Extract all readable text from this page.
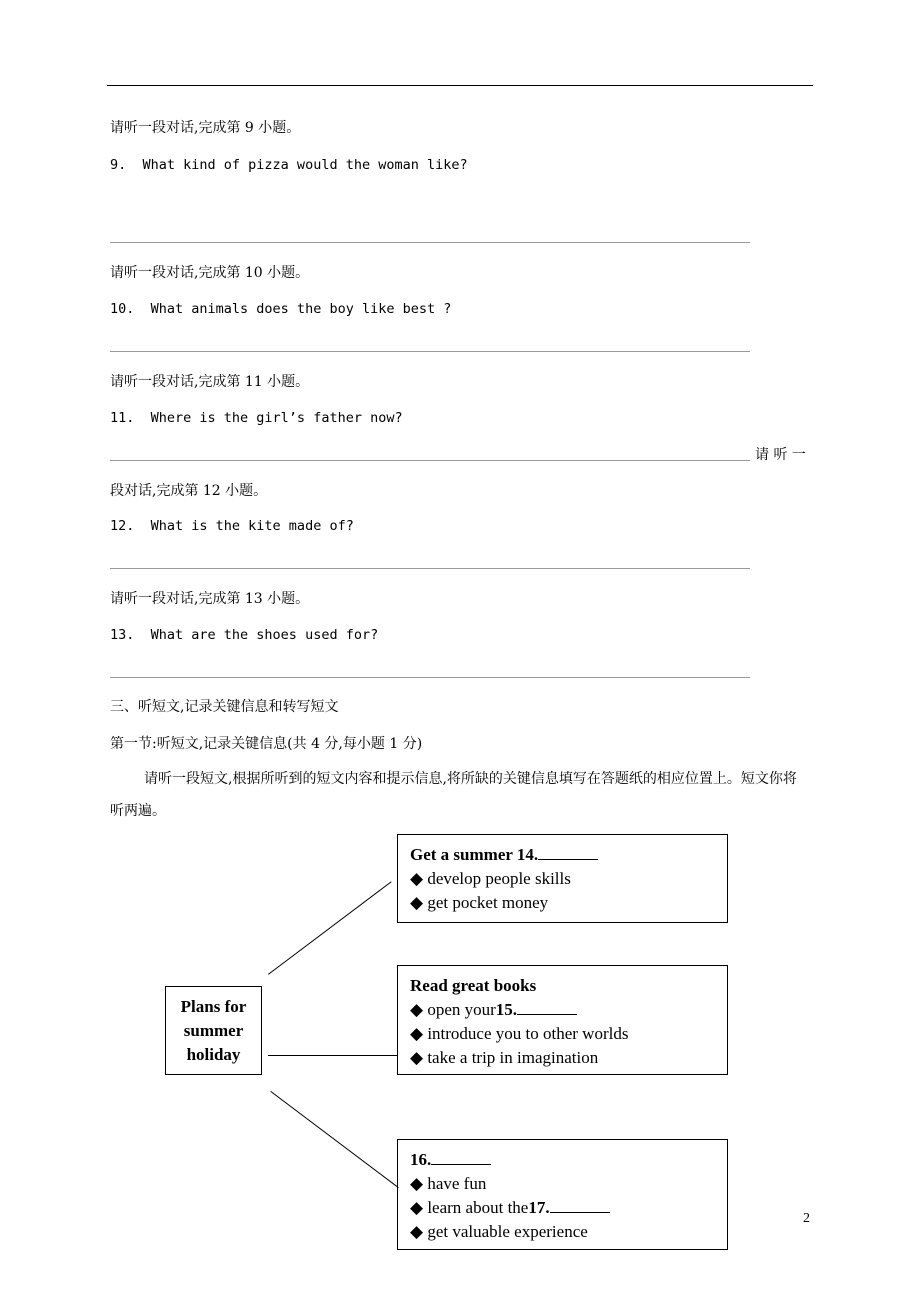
请听一段对话,完成第 9 小题。
9.  What kind of pizza would the woman like?
请听一段对话,完成第 10 小题。
10.  What animals does the boy like best ?
请听一段对话,完成第 11 小题。
11.  Where is the girl’s father now?
请 听 一
段对话,完成第 12 小题。
12.  What is the kite made of?
请听一段对话,完成第 13 小题。
13.  What are the shoes used for?
三、听短文,记录关键信息和转写短文
第一节:听短文,记录关键信息(共 4 分,每小题 1 分)
请听一段短文,根据所听到的短文内容和提示信息,将所缺的关键信息填写在答题纸的相应位置上。短文你将听两遍。
Plans for
summer
holiday
Get a summer 14.
◆ develop people skills
◆ get pocket money
Read great books
◆ open your15.
◆ introduce you to other worlds
◆ take a trip in imagination
16.
◆ have fun
◆ learn about the17.
◆ get valuable experience
2
